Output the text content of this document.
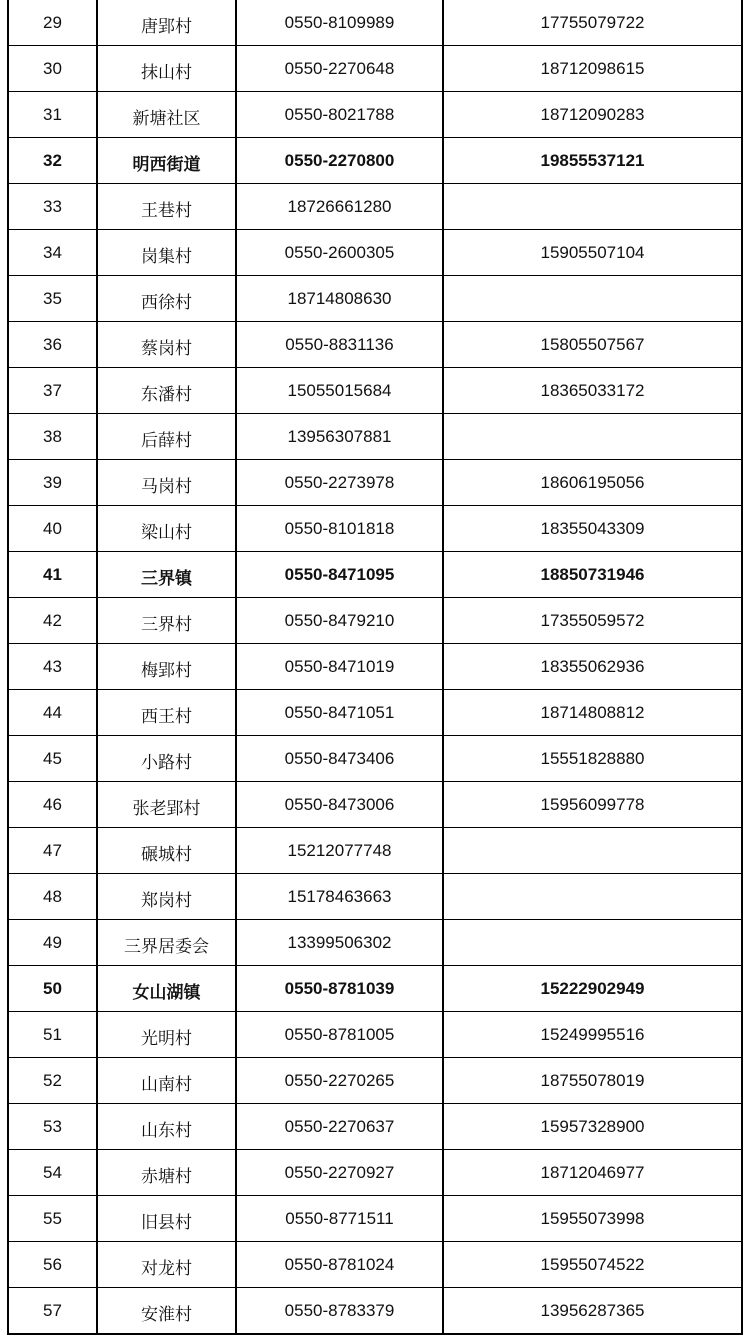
29	唐郢村	0550-8109989	17755079722
30	抹山村	0550-2270648	18712098615
31	新塘社区	0550-8021788	18712090283
32	明西街道	0550-2270800	19855537121
33	王巷村	18726661280	
34	岗集村	0550-2600305	15905507104
35	西徐村	18714808630	
36	蔡岗村	0550-8831136	15805507567
37	东潘村	15055015684	18365033172
38	后薛村	13956307881	
39	马岗村	0550-2273978	18606195056
40	梁山村	0550-8101818	18355043309
41	三界镇	0550-8471095	18850731946
42	三界村	0550-8479210	17355059572
43	梅郢村	0550-8471019	18355062936
44	西王村	0550-8471051	18714808812
45	小路村	0550-8473406	15551828880
46	张老郢村	0550-8473006	15956099778
47	碾城村	15212077748	
48	郑岗村	15178463663	
49	三界居委会	13399506302	
50	女山湖镇	0550-8781039	15222902949
51	光明村	0550-8781005	15249995516
52	山南村	0550-2270265	18755078019
53	山东村	0550-2270637	15957328900
54	赤塘村	0550-2270927	18712046977
55	旧县村	0550-8771511	15955073998
56	对龙村	0550-8781024	15955074522
57	安淮村	0550-8783379	13956287365
